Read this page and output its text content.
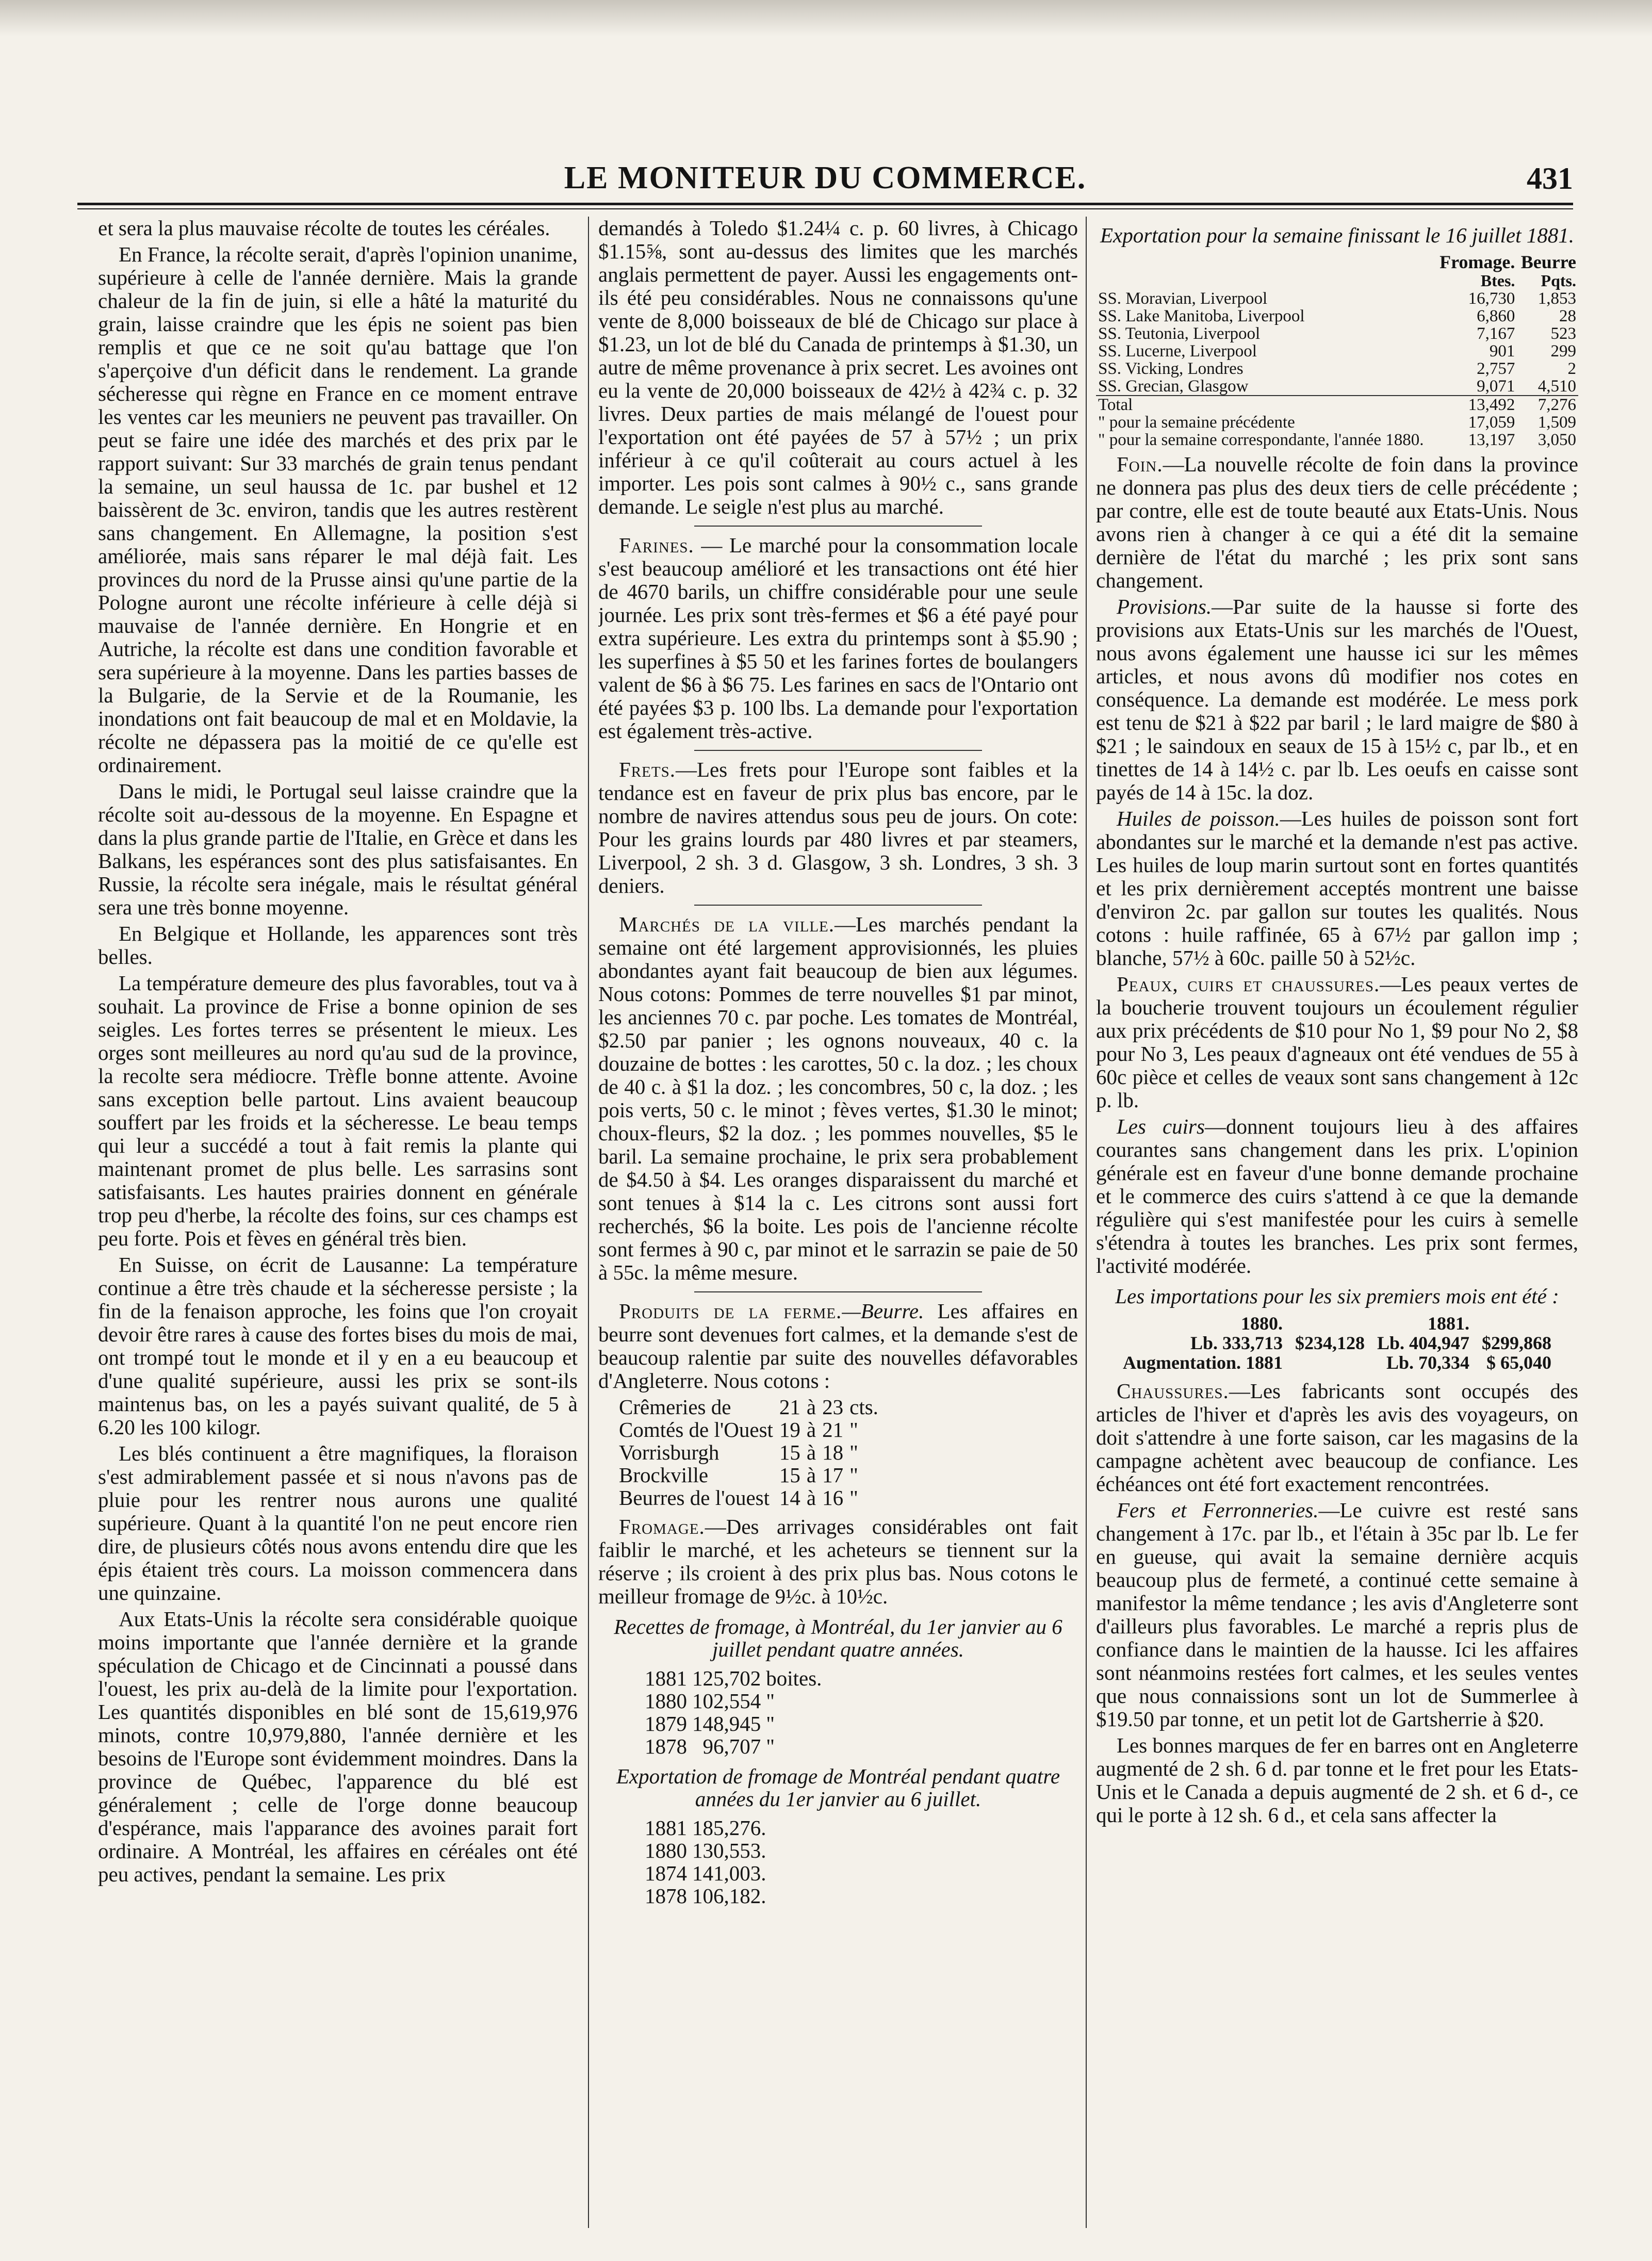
LE MONITEUR DU COMMERCE.	431

et sera la plus mauvaise récolte de toutes les céréales.

En France, la récolte serait, d'après l'opinion unanime, supérieure à celle de l'année dernière. Mais la grande chaleur de la fin de juin, si elle a hâté la maturité du grain, laisse craindre que les épis ne soient pas bien remplis et que ce ne soit qu'au battage que l'on s'aperçoive d'un déficit dans le rendement. La grande sécheresse qui règne en France en ce moment entrave les ventes car les meuniers ne peuvent pas travailler. On peut se faire une idée des marchés et des prix par le rapport suivant: Sur 33 marchés de grain tenus pendant la semaine, un seul haussa de 1c. par bushel et 12 baissèrent de 3c. environ, tandis que les autres restèrent sans changement. En Allemagne, la position s'est améliorée, mais sans réparer le mal déjà fait. Les provinces du nord de la Prusse ainsi qu'une partie de la Pologne auront une récolte inférieure à celle déjà si mauvaise de l'année dernière. En Hongrie et en Autriche, la récolte est dans une condition favorable et sera supérieure à la moyenne. Dans les parties basses de la Bulgarie, de la Servie et de la Roumanie, les inondations ont fait beaucoup de mal et en Moldavie, la récolte ne dépassera pas la moitié de ce qu'elle est ordinairement.

Dans le midi, le Portugal seul laisse craindre que la récolte soit au-dessous de la moyenne. En Espagne et dans la plus grande partie de l'Italie, en Grèce et dans les Balkans, les espérances sont des plus satisfaisantes. En Russie, la récolte sera inégale, mais le résultat général sera une très bonne moyenne.

En Belgique et Hollande, les apparences sont très belles.

La température demeure des plus favorables, tout va à souhait. La province de Frise a bonne opinion de ses seigles. Les fortes terres se présentent le mieux. Les orges sont meilleures au nord qu'au sud de la province, la recolte sera médiocre. Trèfle bonne attente. Avoine sans exception belle partout. Lins avaient beaucoup souffert par les froids et la sécheresse. Le beau temps qui leur a succédé a tout à fait remis la plante qui maintenant promet de plus belle. Les sarrasins sont satisfaisants. Les hautes prairies donnent en générale trop peu d'herbe, la récolte des foins, sur ces champs est peu forte. Pois et fèves en général très bien.

En Suisse, on écrit de Lausanne: La température continue a être très chaude et la sécheresse persiste ; la fin de la fenaison approche, les foins que l'on croyait devoir être rares à cause des fortes bises du mois de mai, ont trompé tout le monde et il y en a eu beaucoup et d'une qualité supérieure, aussi les prix se sont-ils maintenus bas, on les a payés suivant qualité, de 5 à 6.20 les 100 kilogr.

Les blés continuent a être magnifiques, la floraison s'est admirablement passée et si nous n'avons pas de pluie pour les rentrer nous aurons une qualité supérieure. Quant à la quantité l'on ne peut encore rien dire, de plusieurs côtés nous avons entendu dire que les épis étaient très cours. La moisson commencera dans une quinzaine.

Aux Etats-Unis la récolte sera considérable quoique moins importante que l'année dernière et la grande spéculation de Chicago et de Cincinnati a poussé dans l'ouest, les prix au-delà de la limite pour l'exportation. Les quantités disponibles en blé sont de 15,619,976 minots, contre 10,979,880, l'année dernière et les besoins de l'Europe sont évidemment moindres. Dans la province de Québec, l'apparence du blé est généralement ; celle de l'orge donne beaucoup d'espérance, mais l'apparance des avoines parait fort ordinaire. A Montréal, les affaires en céréales ont été peu actives, pendant la semaine. Les prix

demandés à Toledo $1.24¼ c. p. 60 livres, à Chicago $1.15⅝, sont au-dessus des limites que les marchés anglais permettent de payer. Aussi les engagements ont-ils été peu considérables. Nous ne connaissons qu'une vente de 8,000 boisseaux de blé de Chicago sur place à $1.23, un lot de blé du Canada de printemps à $1.30, un autre de même provenance à prix secret. Les avoines ont eu la vente de 20,000 boisseaux de 42½ à 42¾ c. p. 32 livres. Deux parties de mais mélangé de l'ouest pour l'exportation ont été payées de 57 à 57½ ; un prix inférieur à ce qu'il coûterait au cours actuel à les importer. Les pois sont calmes à 90½ c., sans grande demande. Le seigle n'est plus au marché.

Farines. — Le marché pour la consommation locale s'est beaucoup amélioré et les transactions ont été hier de 4670 barils, un chiffre considérable pour une seule journée. Les prix sont très-fermes et $6 a été payé pour extra supérieure. Les extra du printemps sont à $5.90 ; les superfines à $5 50 et les farines fortes de boulangers valent de $6 à $6 75. Les farines en sacs de l'Ontario ont été payées $3 p. 100 lbs. La demande pour l'exportation est également très-active.

Frets.—Les frets pour l'Europe sont faibles et la tendance est en faveur de prix plus bas encore, par le nombre de navires attendus sous peu de jours. On cote: Pour les grains lourds par 480 livres et par steamers, Liverpool, 2 sh. 3 d. Glasgow, 3 sh. Londres, 3 sh. 3 deniers.

Marchés de la ville.—Les marchés pendant la semaine ont été largement approvisionnés, les pluies abondantes ayant fait beaucoup de bien aux légumes. Nous cotons: Pommes de terre nouvelles $1 par minot, les anciennes 70 c. par poche. Les tomates de Montréal, $2.50 par panier ; les ognons nouveaux, 40 c. la douzaine de bottes : les carottes, 50 c. la doz. ; les choux de 40 c. à $1 la doz. ; les concombres, 50 c, la doz. ; les pois verts, 50 c. le minot ; fèves vertes, $1.30 le minot; choux-fleurs, $2 la doz. ; les pommes nouvelles, $5 le baril. La semaine prochaine, le prix sera probablement de $4.50 à $4. Les oranges disparaissent du marché et sont tenues à $14 la c. Les citrons sont aussi fort recherchés, $6 la boite. Les pois de l'ancienne récolte sont fermes à 90 c, par minot et le sarrazin se paie de 50 à 55c. la même mesure.

Produits de la ferme.—Beurre. Les affaires en beurre sont devenues fort calmes, et la demande s'est de beaucoup ralentie par suite des nouvelles défavorables d'Angleterre. Nous cotons :

Crêmeries de	21	à	23	cts.
Comtés de l'Ouest	19	à	21	"
Vorrisburgh	15	à	18	"
Brockville	15	à	17	"
Beurres de l'ouest	14	à	16	"

Fromage.—Des arrivages considérables ont fait faiblir le marché, et les acheteurs se tiennent sur la réserve ; ils croient à des prix plus bas. Nous cotons le meilleur fromage de 9½c. à 10½c.

Recettes de fromage, à Montréal, du 1er janvier au 6 juillet pendant quatre années.
1881	125,702	boites.
1880	102,554	"
1879	148,945	"
1878	96,707	"
Exportation de fromage de Montréal pendant quatre années du 1er janvier au 6 juillet.
1881	185,276.
1880	130,553.
1874	141,003.
1878	106,182.
Exportation pour la semaine finissant le 16 juillet 1881.
	Fromage.	Beurre
	Btes.	Pqts.
SS. Moravian, Liverpool	16,730	1,853
SS. Lake Manitoba, Liverpool	6,860	28
SS. Teutonia, Liverpool	7,167	523
SS. Lucerne, Liverpool	901	299
SS. Vicking, Londres	2,757	2
SS. Grecian, Glasgow	9,071	4,510
Total	13,492	7,276
" pour la semaine précédente	17,059	1,509
" pour la semaine correspondante, l'année 1880.	13,197	3,050

Foin.—La nouvelle récolte de foin dans la province ne donnera pas plus des deux tiers de celle précédente ; par contre, elle est de toute beauté aux Etats-Unis. Nous avons rien à changer à ce qui a été dit la semaine dernière de l'état du marché ; les prix sont sans changement.

Provisions.—Par suite de la hausse si forte des provisions aux Etats-Unis sur les marchés de l'Ouest, nous avons également une hausse ici sur les mêmes articles, et nous avons dû modifier nos cotes en conséquence. La demande est modérée. Le mess pork est tenu de $21 à $22 par baril ; le lard maigre de $80 à $21 ; le saindoux en seaux de 15 à 15½ c, par lb., et en tinettes de 14 à 14½ c. par lb. Les oeufs en caisse sont payés de 14 à 15c. la doz.

Huiles de poisson.—Les huiles de poisson sont fort abondantes sur le marché et la demande n'est pas active. Les huiles de loup marin surtout sont en fortes quantités et les prix dernièrement acceptés montrent une baisse d'environ 2c. par gallon sur toutes les qualités. Nous cotons : huile raffinée, 65 à 67½ par gallon imp ; blanche, 57½ à 60c. paille 50 à 52½c.

Peaux, cuirs et chaussures.—Les peaux vertes de la boucherie trouvent toujours un écoulement régulier aux prix précédents de $10 pour No 1, $9 pour No 2, $8 pour No 3, Les peaux d'agneaux ont été vendues de 55 à 60c pièce et celles de veaux sont sans changement à 12c p. lb.

Les cuirs—donnent toujours lieu à des affaires courantes sans changement dans les prix. L'opinion générale est en faveur d'une bonne demande prochaine et le commerce des cuirs s'attend à ce que la demande régulière qui s'est manifestée pour les cuirs à semelle s'étendra à toutes les branches. Les prix sont fermes, l'activité modérée.

Les importations pour les six premiers mois ent été :
1880.		1881.	
Lb. 333,713	$234,128	Lb. 404,947	$299,868
Augmentation. 1881		Lb. 70,334	$ 65,040

Chaussures.—Les fabricants sont occupés des articles de l'hiver et d'après les avis des voyageurs, on doit s'attendre à une forte saison, car les magasins de la campagne achètent avec beaucoup de confiance. Les échéances ont été fort exactement rencontrées.

Fers et Ferronneries.—Le cuivre est resté sans changement à 17c. par lb., et l'étain à 35c par lb. Le fer en gueuse, qui avait la semaine dernière acquis beaucoup plus de fermeté, a continué cette semaine à manifestor la même tendance ; les avis d'Angleterre sont d'ailleurs plus favorables. Le marché a repris plus de confiance dans le maintien de la hausse. Ici les affaires sont néanmoins restées fort calmes, et les seules ventes que nous connaissions sont un lot de Summerlee à $19.50 par tonne, et un petit lot de Gartsherrie à $20.

Les bonnes marques de fer en barres ont en Angleterre augmenté de 2 sh. 6 d. par tonne et le fret pour les Etats-Unis et le Canada a depuis augmenté de 2 sh. et 6 d-, ce qui le porte à 12 sh. 6 d., et cela sans affecter la
